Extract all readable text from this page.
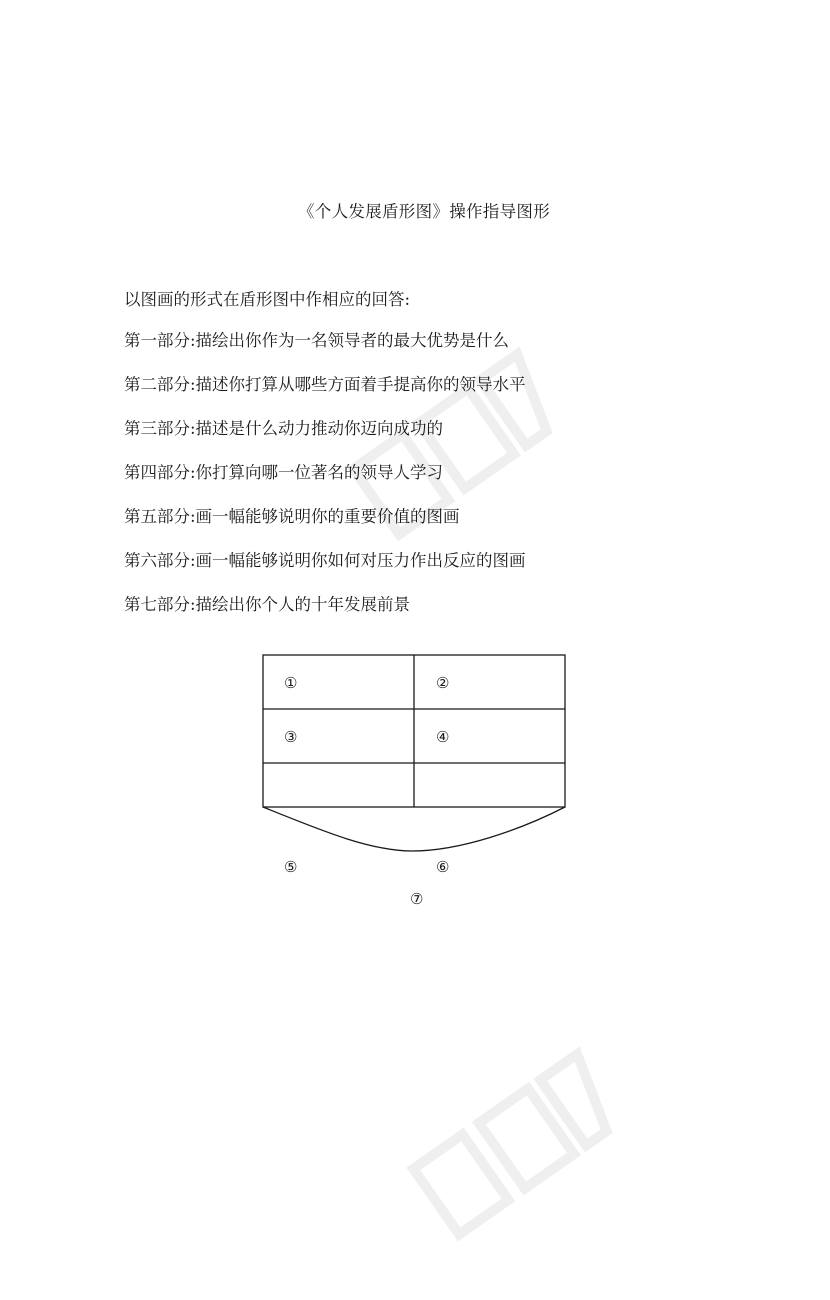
《个人发展盾形图》操作指导图形
以图画的形式在盾形图中作相应的回答:
第一部分:描绘出你作为一名领导者的最大优势是什么
第二部分:描述你打算从哪些方面着手提高你的领导水平
第三部分:描述是什么动力推动你迈向成功的
第四部分:你打算向哪一位著名的领导人学习
第五部分:画一幅能够说明你的重要价值的图画
第六部分:画一幅能够说明你如何对压力作出反应的图画
第七部分:描绘出你个人的十年发展前景
①	②
③	④
⑤	⑥
⑦
